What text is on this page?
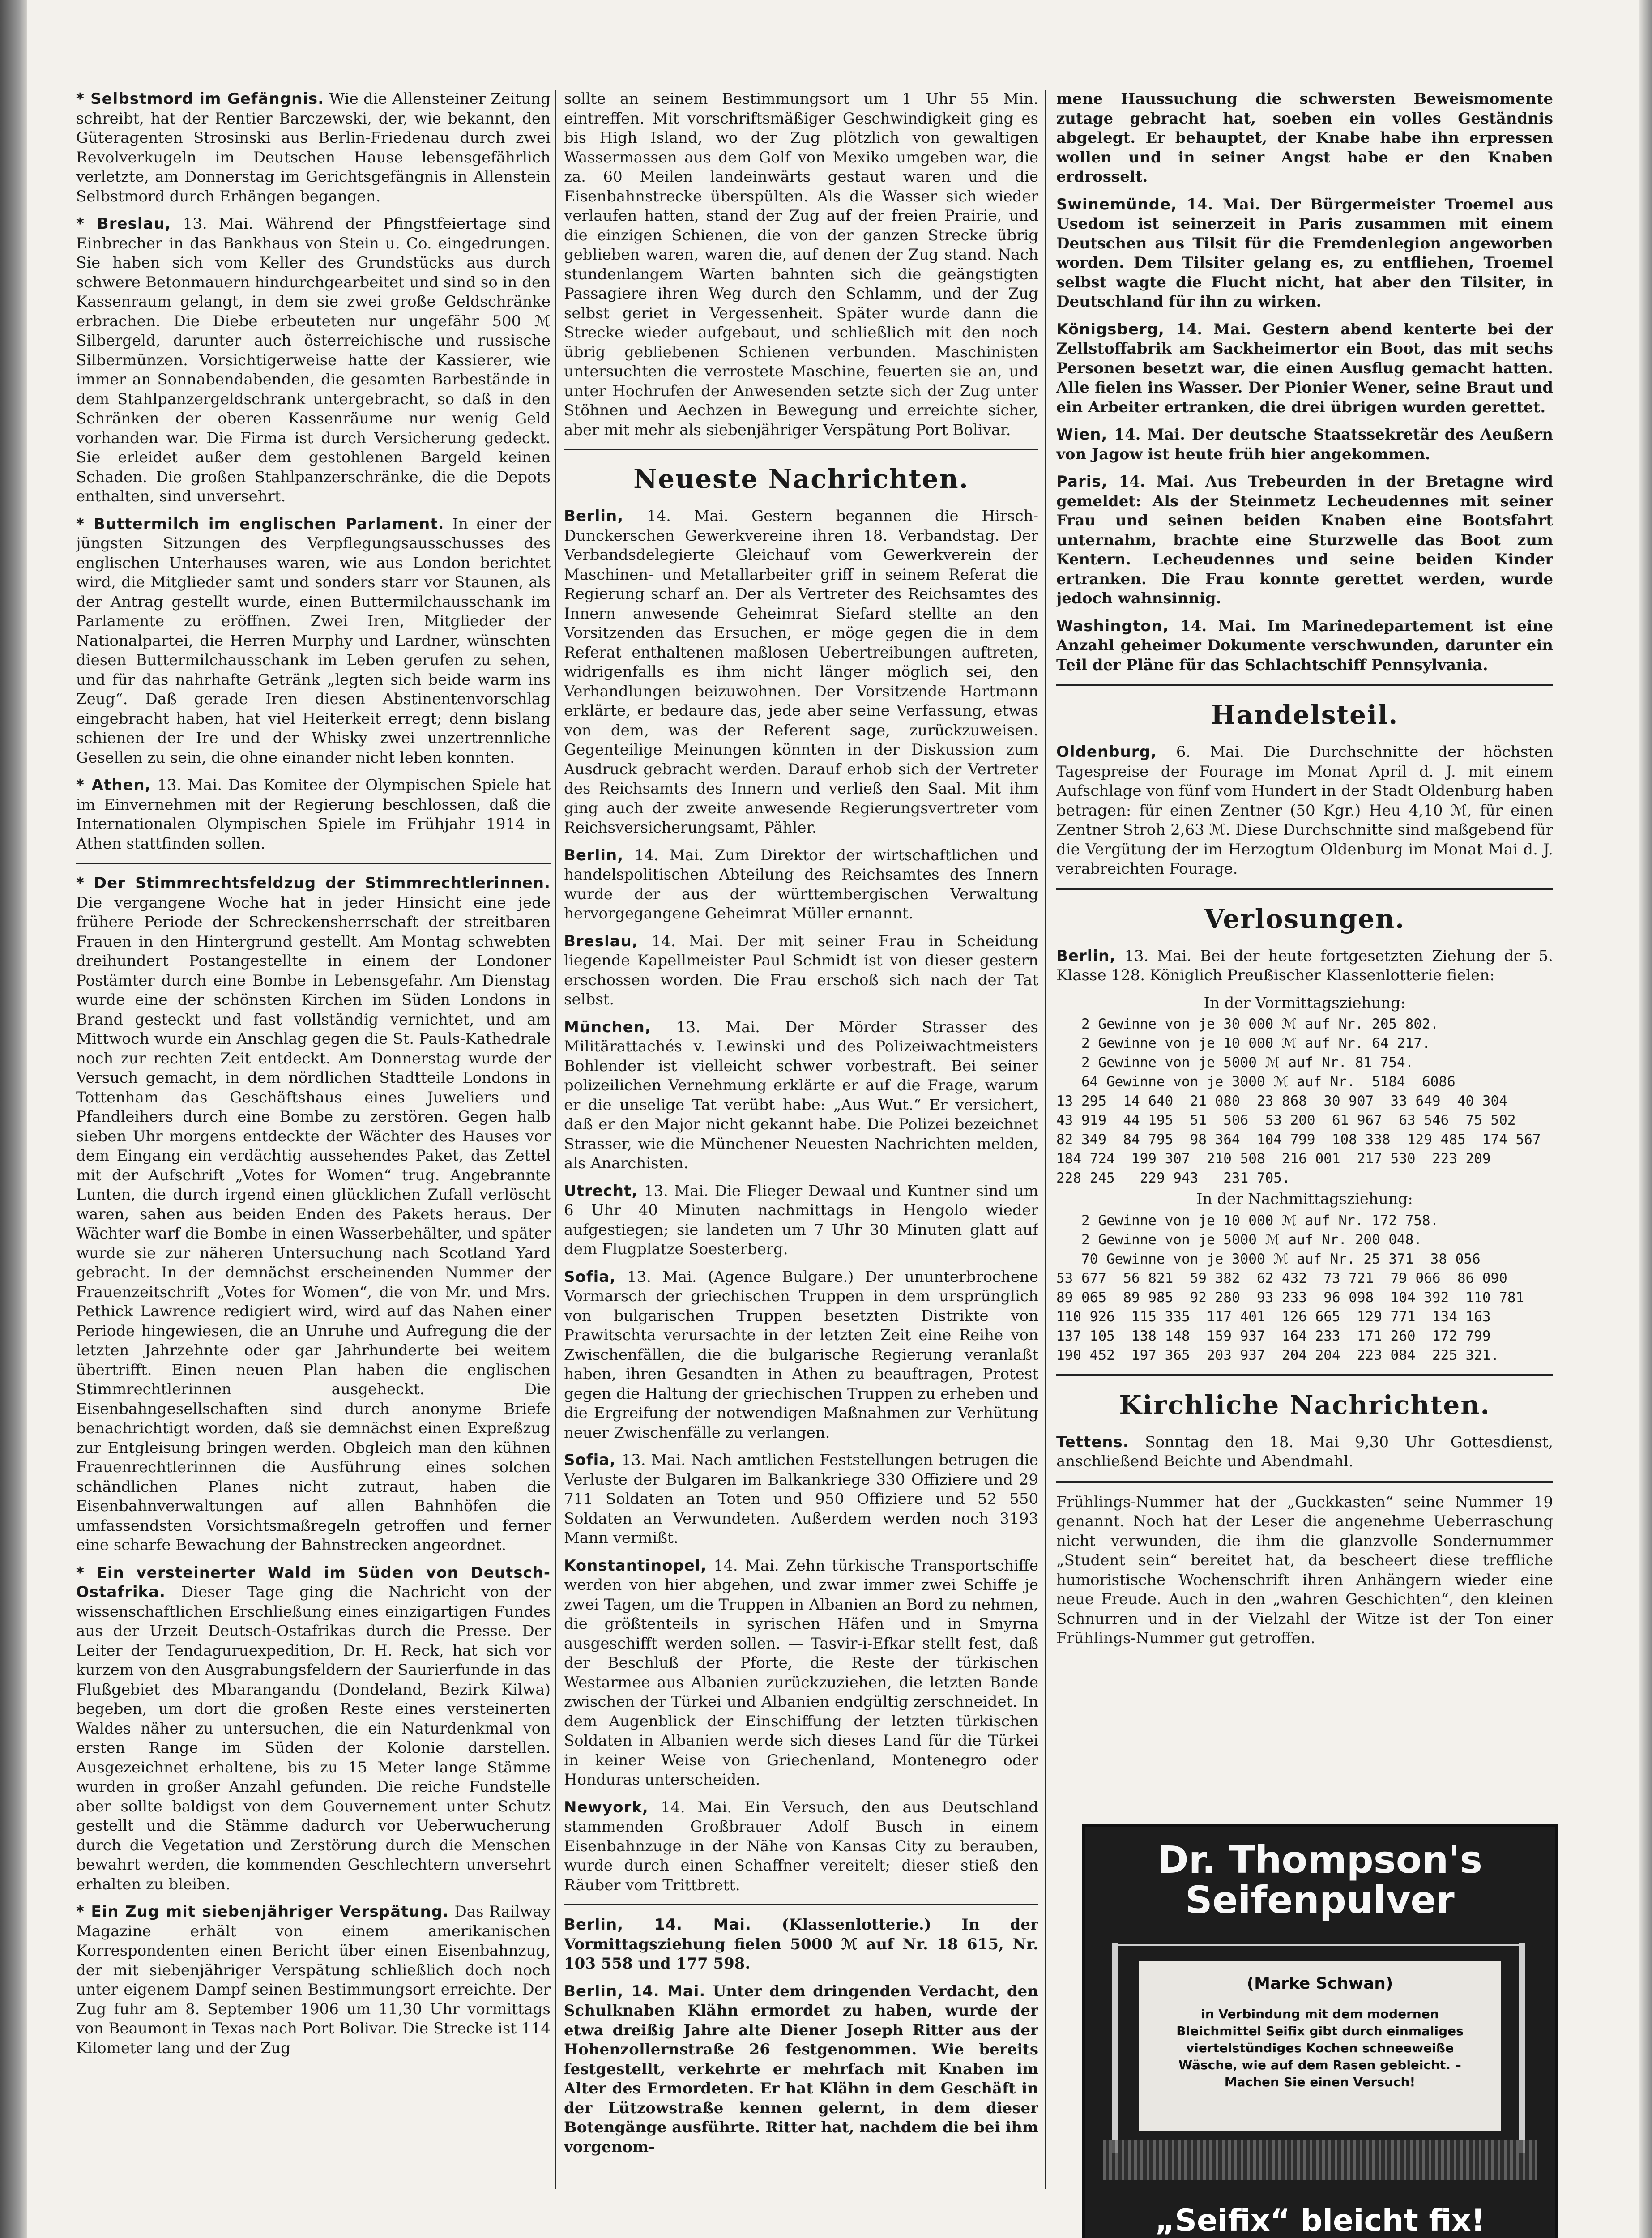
* Selbstmord im Gefängnis. Wie die Allensteiner Zeitung schreibt, hat der Rentier Barczewski, der, wie bekannt, den Güteragenten Strosinski aus Berlin-Friedenau durch zwei Revolverkugeln im Deutschen Hause lebensgefährlich verletzte, am Donnerstag im Gerichtsgefängnis in Allenstein Selbstmord durch Erhängen begangen.

* Breslau, 13. Mai. Während der Pfingstfeiertage sind Einbrecher in das Bankhaus von Stein u. Co. eingedrungen. Sie haben sich vom Keller des Grundstücks aus durch schwere Betonmauern hindurchgearbeitet und sind so in den Kassenraum gelangt, in dem sie zwei große Geldschränke erbrachen. Die Diebe erbeuteten nur ungefähr 500 ℳ Silbergeld, darunter auch österreichische und russische Silbermünzen. Vorsichtigerweise hatte der Kassierer, wie immer an Sonnabendabenden, die gesamten Barbestände in dem Stahlpanzergeldschrank untergebracht, so daß in den Schränken der oberen Kassenräume nur wenig Geld vorhanden war. Die Firma ist durch Versicherung gedeckt. Sie erleidet außer dem gestohlenen Bargeld keinen Schaden. Die großen Stahlpanzerschränke, die die Depots enthalten, sind unversehrt.

* Buttermilch im englischen Parlament. In einer der jüngsten Sitzungen des Verpflegungsausschusses des englischen Unterhauses waren, wie aus London berichtet wird, die Mitglieder samt und sonders starr vor Staunen, als der Antrag gestellt wurde, einen Buttermilchausschank im Parlamente zu eröffnen. Zwei Iren, Mitglieder der Nationalpartei, die Herren Murphy und Lardner, wünschten diesen Buttermilchausschank im Leben gerufen zu sehen, und für das nahrhafte Getränk „legten sich beide warm ins Zeug“. Daß gerade Iren diesen Abstinentenvorschlag eingebracht haben, hat viel Heiterkeit erregt; denn bislang schienen der Ire und der Whisky zwei unzertrennliche Gesellen zu sein, die ohne einander nicht leben konnten.

* Athen, 13. Mai. Das Komitee der Olympischen Spiele hat im Einvernehmen mit der Regierung beschlossen, daß die Internationalen Olympischen Spiele im Frühjahr 1914 in Athen stattfinden sollen.

* Der Stimmrechtsfeldzug der Stimmrechtlerinnen. Die vergangene Woche hat in jeder Hinsicht eine jede frühere Periode der Schreckensherrschaft der streitbaren Frauen in den Hintergrund gestellt. Am Montag schwebten dreihundert Postangestellte in einem der Londoner Postämter durch eine Bombe in Lebensgefahr. Am Dienstag wurde eine der schönsten Kirchen im Süden Londons in Brand gesteckt und fast vollständig vernichtet, und am Mittwoch wurde ein Anschlag gegen die St. Pauls-Kathedrale noch zur rechten Zeit entdeckt. Am Donnerstag wurde der Versuch gemacht, in dem nördlichen Stadtteile Londons in Tottenham das Geschäftshaus eines Juweliers und Pfandleihers durch eine Bombe zu zerstören. Gegen halb sieben Uhr morgens entdeckte der Wächter des Hauses vor dem Eingang ein verdächtig aussehendes Paket, das Zettel mit der Aufschrift „Votes for Women“ trug. Angebrannte Lunten, die durch irgend einen glücklichen Zufall verlöscht waren, sahen aus beiden Enden des Pakets heraus. Der Wächter warf die Bombe in einen Wasserbehälter, und später wurde sie zur näheren Untersuchung nach Scotland Yard gebracht. In der demnächst erscheinenden Nummer der Frauenzeitschrift „Votes for Women“, die von Mr. und Mrs. Pethick Lawrence redigiert wird, wird auf das Nahen einer Periode hingewiesen, die an Unruhe und Aufregung die der letzten Jahrzehnte oder gar Jahrhunderte bei weitem übertrifft. Einen neuen Plan haben die englischen Stimmrechtlerinnen ausgeheckt. Die Eisenbahngesellschaften sind durch anonyme Briefe benachrichtigt worden, daß sie demnächst einen Expreßzug zur Entgleisung bringen werden. Obgleich man den kühnen Frauenrechtlerinnen die Ausführung eines solchen schändlichen Planes nicht zutraut, haben die Eisenbahnverwaltungen auf allen Bahnhöfen die umfassendsten Vorsichtsmaßregeln getroffen und ferner eine scharfe Bewachung der Bahnstrecken angeordnet.

* Ein versteinerter Wald im Süden von Deutsch-Ostafrika. Dieser Tage ging die Nachricht von der wissenschaftlichen Erschließung eines einzigartigen Fundes aus der Urzeit Deutsch-Ostafrikas durch die Presse. Der Leiter der Tendaguruexpedition, Dr. H. Reck, hat sich vor kurzem von den Ausgrabungsfeldern der Saurierfunde in das Flußgebiet des Mbarangandu (Dondeland, Bezirk Kilwa) begeben, um dort die großen Reste eines versteinerten Waldes näher zu untersuchen, die ein Naturdenkmal von ersten Range im Süden der Kolonie darstellen. Ausgezeichnet erhaltene, bis zu 15 Meter lange Stämme wurden in großer Anzahl gefunden. Die reiche Fundstelle aber sollte baldigst von dem Gouvernement unter Schutz gestellt und die Stämme dadurch vor Ueberwucherung durch die Vegetation und Zerstörung durch die Menschen bewahrt werden, die kommenden Geschlechtern unversehrt erhalten zu bleiben.

* Ein Zug mit siebenjähriger Verspätung. Das Railway Magazine erhält von einem amerikanischen Korrespondenten einen Bericht über einen Eisenbahnzug, der mit siebenjähriger Verspätung schließlich doch noch unter eigenem Dampf seinen Bestimmungsort erreichte. Der Zug fuhr am 8. September 1906 um 11,30 Uhr vormittags von Beaumont in Texas nach Port Bolivar. Die Strecke ist 114 Kilometer lang und der Zug

sollte an seinem Bestimmungsort um 1 Uhr 55 Min. eintreffen. Mit vorschriftsmäßiger Geschwindigkeit ging es bis High Island, wo der Zug plötzlich von gewaltigen Wassermassen aus dem Golf von Mexiko umgeben war, die za. 60 Meilen landeinwärts gestaut waren und die Eisenbahnstrecke überspülten. Als die Wasser sich wieder verlaufen hatten, stand der Zug auf der freien Prairie, und die einzigen Schienen, die von der ganzen Strecke übrig geblieben waren, waren die, auf denen der Zug stand. Nach stundenlangem Warten bahnten sich die geängstigten Passagiere ihren Weg durch den Schlamm, und der Zug selbst geriet in Vergessenheit. Später wurde dann die Strecke wieder aufgebaut, und schließlich mit den noch übrig gebliebenen Schienen verbunden. Maschinisten untersuchten die verrostete Maschine, feuerten sie an, und unter Hochrufen der Anwesenden setzte sich der Zug unter Stöhnen und Aechzen in Bewegung und erreichte sicher, aber mit mehr als siebenjähriger Verspätung Port Bolivar.

Neueste Nachrichten.

Berlin, 14. Mai. Gestern begannen die Hirsch-Dunckerschen Gewerkvereine ihren 18. Verbandstag. Der Verbandsdelegierte Gleichauf vom Gewerkverein der Maschinen- und Metallarbeiter griff in seinem Referat die Regierung scharf an. Der als Vertreter des Reichsamtes des Innern anwesende Geheimrat Siefard stellte an den Vorsitzenden das Ersuchen, er möge gegen die in dem Referat enthaltenen maßlosen Uebertreibungen auftreten, widrigenfalls es ihm nicht länger möglich sei, den Verhandlungen beizuwohnen. Der Vorsitzende Hartmann erklärte, er bedaure das, jede aber seine Verfassung, etwas von dem, was der Referent sage, zurückzuweisen. Gegenteilige Meinungen könnten in der Diskussion zum Ausdruck gebracht werden. Darauf erhob sich der Vertreter des Reichsamts des Innern und verließ den Saal. Mit ihm ging auch der zweite anwesende Regierungsvertreter vom Reichsversicherungsamt, Pähler.

Berlin, 14. Mai. Zum Direktor der wirtschaftlichen und handelspolitischen Abteilung des Reichsamtes des Innern wurde der aus der württembergischen Verwaltung hervorgegangene Geheimrat Müller ernannt.

Breslau, 14. Mai. Der mit seiner Frau in Scheidung liegende Kapellmeister Paul Schmidt ist von dieser gestern erschossen worden. Die Frau erschoß sich nach der Tat selbst.

München, 13. Mai. Der Mörder Strasser des Militärattachés v. Lewinski und des Polizeiwachtmeisters Bohlender ist vielleicht schwer vorbestraft. Bei seiner polizeilichen Vernehmung erklärte er auf die Frage, warum er die unselige Tat verübt habe: „Aus Wut.“ Er versichert, daß er den Major nicht gekannt habe. Die Polizei bezeichnet Strasser, wie die Münchener Neuesten Nachrichten melden, als Anarchisten.

Utrecht, 13. Mai. Die Flieger Dewaal und Kuntner sind um 6 Uhr 40 Minuten nachmittags in Hengolo wieder aufgestiegen; sie landeten um 7 Uhr 30 Minuten glatt auf dem Flugplatze Soesterberg.

Sofia, 13. Mai. (Agence Bulgare.) Der ununterbrochene Vormarsch der griechischen Truppen in dem ursprünglich von bulgarischen Truppen besetzten Distrikte von Prawitschta verursachte in der letzten Zeit eine Reihe von Zwischenfällen, die die bulgarische Regierung veranlaßt haben, ihren Gesandten in Athen zu beauftragen, Protest gegen die Haltung der griechischen Truppen zu erheben und die Ergreifung der notwendigen Maßnahmen zur Verhütung neuer Zwischenfälle zu verlangen.

Sofia, 13. Mai. Nach amtlichen Feststellungen betrugen die Verluste der Bulgaren im Balkankriege 330 Offiziere und 29 711 Soldaten an Toten und 950 Offiziere und 52 550 Soldaten an Verwundeten. Außerdem werden noch 3193 Mann vermißt.

Konstantinopel, 14. Mai. Zehn türkische Transportschiffe werden von hier abgehen, und zwar immer zwei Schiffe je zwei Tagen, um die Truppen in Albanien an Bord zu nehmen, die größtenteils in syrischen Häfen und in Smyrna ausgeschifft werden sollen. — Tasvir-i-Efkar stellt fest, daß der Beschluß der Pforte, die Reste der türkischen Westarmee aus Albanien zurückzuziehen, die letzten Bande zwischen der Türkei und Albanien endgültig zerschneidet. In dem Augenblick der Einschiffung der letzten türkischen Soldaten in Albanien werde sich dieses Land für die Türkei in keiner Weise von Griechenland, Montenegro oder Honduras unterscheiden.

Newyork, 14. Mai. Ein Versuch, den aus Deutschland stammenden Großbrauer Adolf Busch in einem Eisenbahnzuge in der Nähe von Kansas City zu berauben, wurde durch einen Schaffner vereitelt; dieser stieß den Räuber vom Trittbrett.

Berlin, 14. Mai. (Klassenlotterie.) In der Vormittagsziehung fielen 5000 ℳ auf Nr. 18 615, Nr. 103 558 und 177 598.

Berlin, 14. Mai. Unter dem dringenden Verdacht, den Schulknaben Klähn ermordet zu haben, wurde der etwa dreißig Jahre alte Diener Joseph Ritter aus der Hohenzollernstraße 26 festgenommen. Wie bereits festgestellt, verkehrte er mehrfach mit Knaben im Alter des Ermordeten. Er hat Klähn in dem Geschäft in der Lützowstraße kennen gelernt, in dem dieser Botengänge ausführte. Ritter hat, nachdem die bei ihm vorgenom-

mene Haussuchung die schwersten Beweismomente zutage gebracht hat, soeben ein volles Geständnis abgelegt. Er behauptet, der Knabe habe ihn erpressen wollen und in seiner Angst habe er den Knaben erdrosselt.

Swinemünde, 14. Mai. Der Bürgermeister Troemel aus Usedom ist seinerzeit in Paris zusammen mit einem Deutschen aus Tilsit für die Fremdenlegion angeworben worden. Dem Tilsiter gelang es, zu entfliehen, Troemel selbst wagte die Flucht nicht, hat aber den Tilsiter, in Deutschland für ihn zu wirken.

Königsberg, 14. Mai. Gestern abend kenterte bei der Zellstoffabrik am Sackheimertor ein Boot, das mit sechs Personen besetzt war, die einen Ausflug gemacht hatten. Alle fielen ins Wasser. Der Pionier Wener, seine Braut und ein Arbeiter ertranken, die drei übrigen wurden gerettet.

Wien, 14. Mai. Der deutsche Staatssekretär des Aeußern von Jagow ist heute früh hier angekommen.

Paris, 14. Mai. Aus Trebeurden in der Bretagne wird gemeldet: Als der Steinmetz Lecheudennes mit seiner Frau und seinen beiden Knaben eine Bootsfahrt unternahm, brachte eine Sturzwelle das Boot zum Kentern. Lecheudennes und seine beiden Kinder ertranken. Die Frau konnte gerettet werden, wurde jedoch wahnsinnig.

Washington, 14. Mai. Im Marinedepartement ist eine Anzahl geheimer Dokumente verschwunden, darunter ein Teil der Pläne für das Schlachtschiff Pennsylvania.

Handelsteil.

Oldenburg, 6. Mai. Die Durchschnitte der höchsten Tagespreise der Fourage im Monat April d. J. mit einem Aufschlage von fünf vom Hundert in der Stadt Oldenburg haben betragen: für einen Zentner (50 Kgr.) Heu 4,10 ℳ, für einen Zentner Stroh 2,63 ℳ. Diese Durchschnitte sind maßgebend für die Vergütung der im Herzogtum Oldenburg im Monat Mai d. J. verabreichten Fourage.

Verlosungen.

Berlin, 13. Mai. Bei der heute fortgesetzten Ziehung der 5. Klasse 128. Königlich Preußischer Klassenlotterie fielen:

In der Vormittagsziehung:
2 Gewinne von je 30 000 ℳ auf Nr. 205 802.
2 Gewinne von je 10 000 ℳ auf Nr. 64 217.
2 Gewinne von je 5000 ℳ auf Nr. 81 754.
64 Gewinne von je 3000 ℳ auf Nr.  5184  6086
13 295  14 640  21 080  23 868  30 907  33 649  40 304
43 919  44 195  51  506  53 200  61 967  63 546  75 502
82 349  84 795  98 364  104 799  108 338  129 485  174 567
184 724  199 307  210 508  216 001  217 530  223 209
228 245   229 943   231 705.
In der Nachmittagsziehung:
2 Gewinne von je 10 000 ℳ auf Nr. 172 758.
2 Gewinne von je 5000 ℳ auf Nr. 200 048.
70 Gewinne von je 3000 ℳ auf Nr. 25 371  38 056
53 677  56 821  59 382  62 432  73 721  79 066  86 090
89 065  89 985  92 280  93 233  96 098  104 392  110 781
110 926  115 335  117 401  126 665  129 771  134 163
137 105  138 148  159 937  164 233  171 260  172 799
190 452  197 365  203 937  204 204  223 084  225 321.
Kirchliche Nachrichten.

Tettens. Sonntag den 18. Mai 9,30 Uhr Gottesdienst, anschließend Beichte und Abendmahl.

Frühlings-Nummer hat der „Guckkasten“ seine Nummer 19 genannt. Noch hat der Leser die angenehme Ueberraschung nicht verwunden, die ihm die glanzvolle Sondernummer „Student sein“ bereitet hat, da bescheert diese treffliche humoristische Wochenschrift ihren Anhängern wieder eine neue Freude. Auch in den „wahren Geschichten“, den kleinen Schnurren und in der Vielzahl der Witze ist der Ton einer Frühlings-Nummer gut getroffen.

Dr. Thompson's
Seifenpulver
(Marke Schwan)
in Verbindung mit dem modernen Bleichmittel Seifix gibt durch einmaliges viertelstündiges Kochen schneeweiße Wäsche, wie auf dem Rasen gebleicht. – Machen Sie einen Versuch!
„Seifix“ bleicht fix!
